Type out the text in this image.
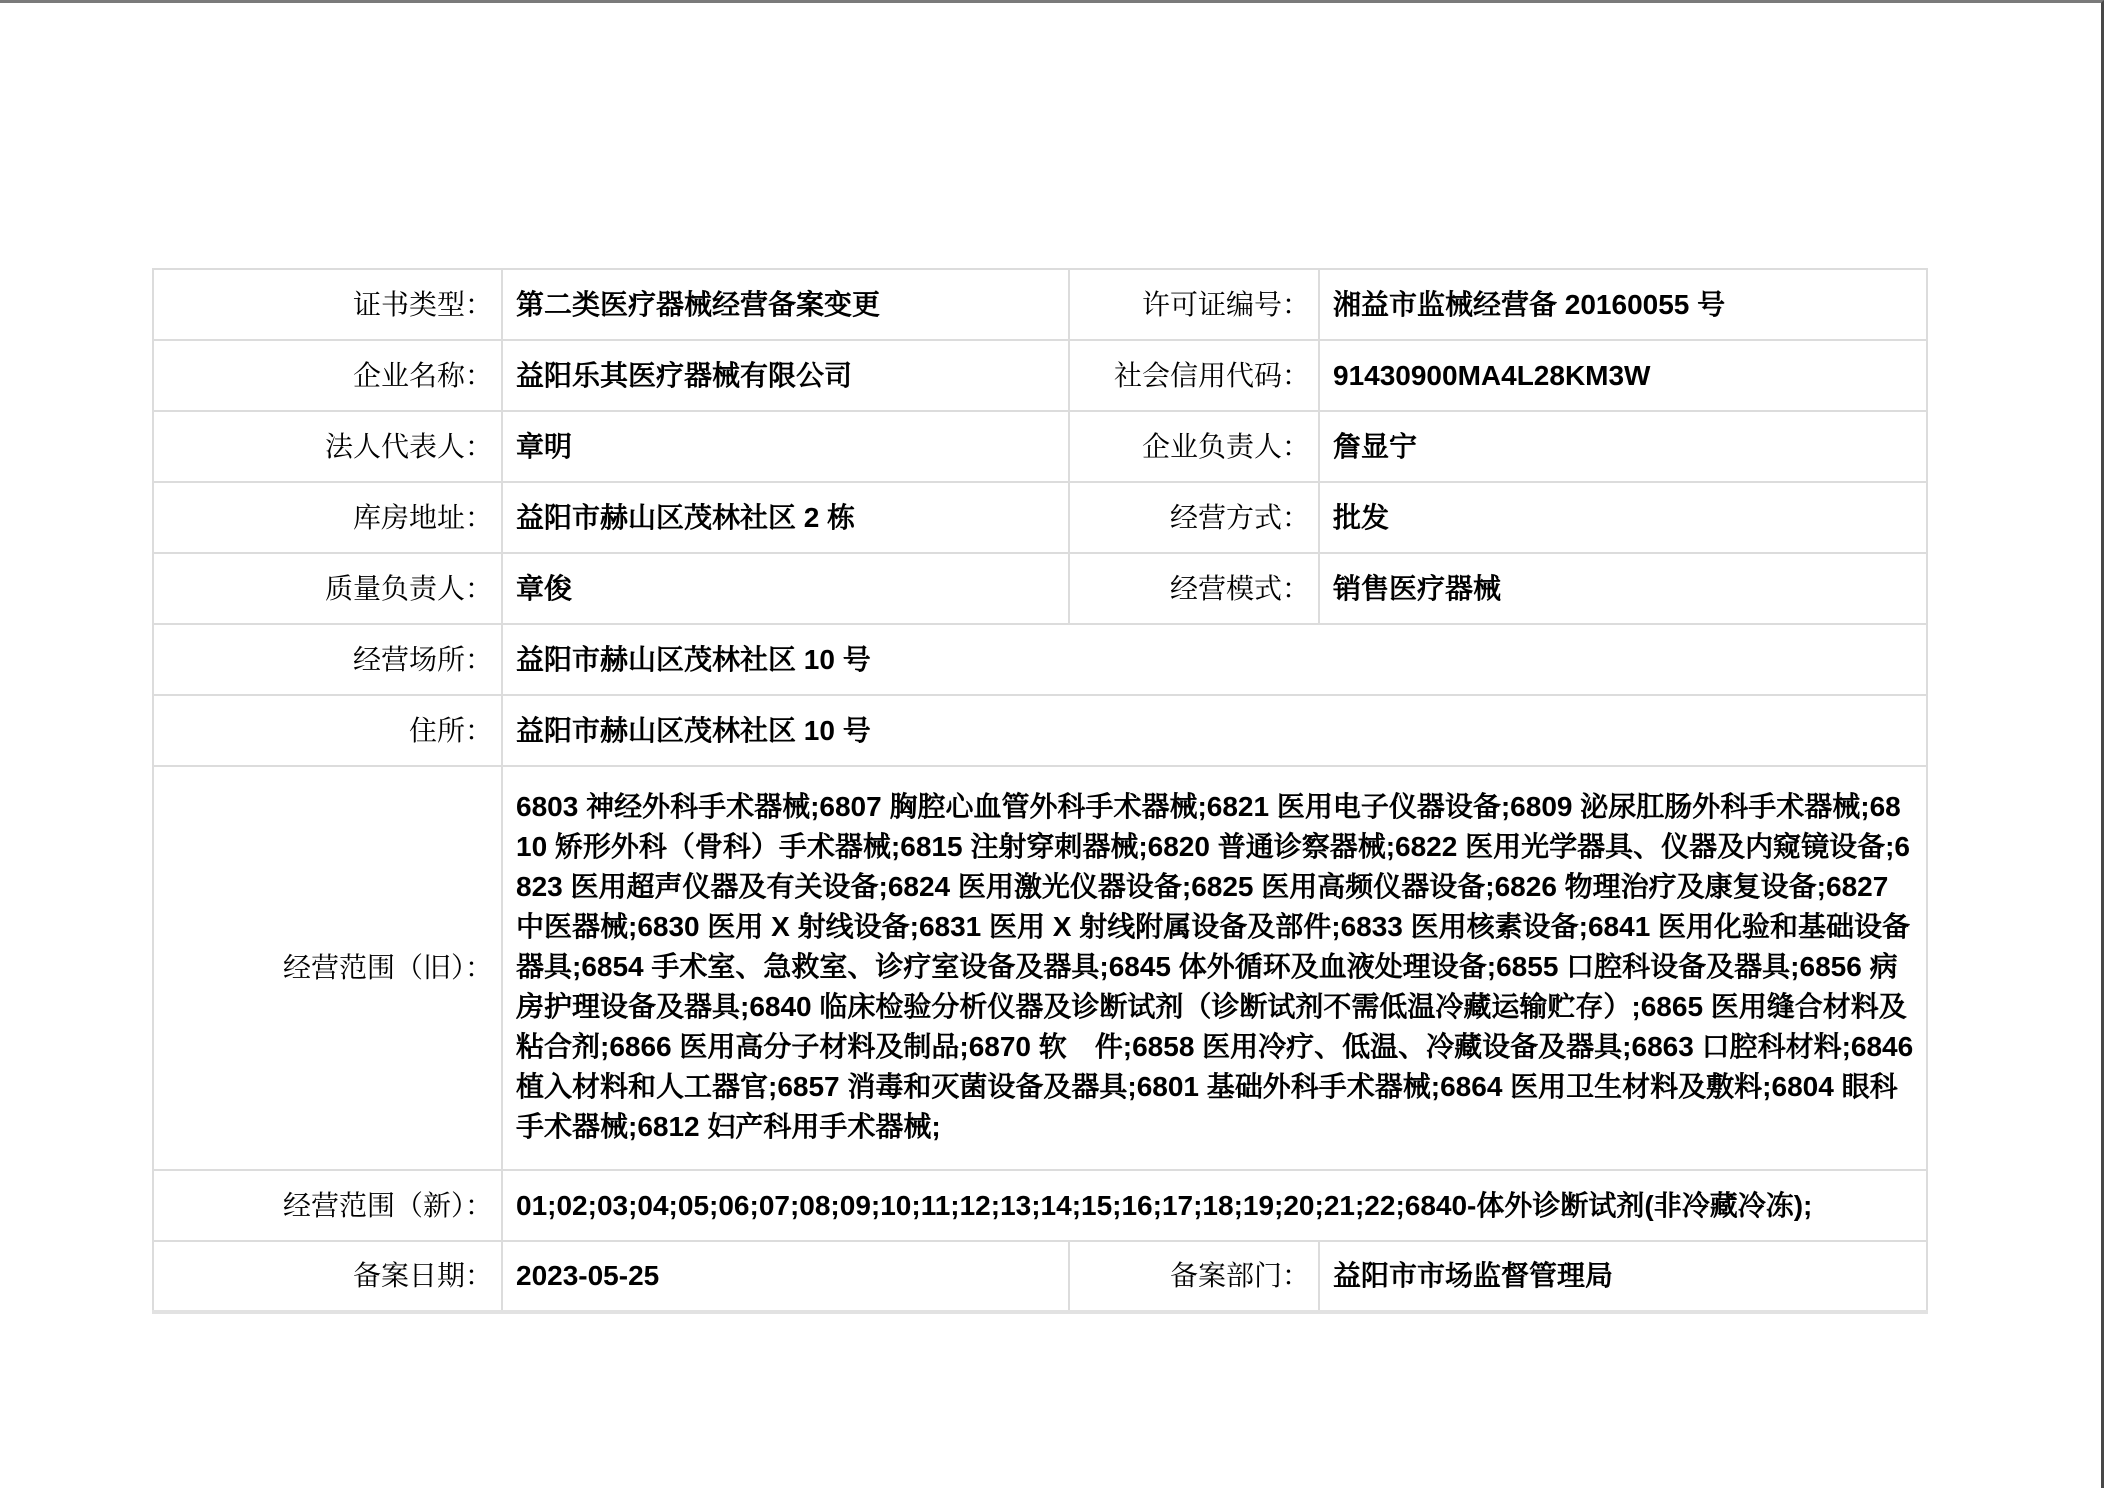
证书类型：	第二类医疗器械经营备案变更	许可证编号：	湘益市监械经营备 20160055 号
企业名称：	益阳乐其医疗器械有限公司	社会信用代码：	91430900MA4L28KM3W
法人代表人：	章明	企业负责人：	詹显宁
库房地址：	益阳市赫山区茂林社区 2 栋	经营方式：	批发
质量负责人：	章俊	经营模式：	销售医疗器械
经营场所：	益阳市赫山区茂林社区 10 号		
住所：	益阳市赫山区茂林社区 10 号		
经营范围（旧）：	6803 神经外科手术器械;6807 胸腔心血管外科手术器械;6821 医用电子仪器设备;6809 泌尿肛肠外科手术器械;6810 矫形外科（骨科）手术器械;6815 注射穿刺器械;6820 普通诊察器械;6822 医用光学器具、仪器及内窥镜设备;6823 医用超声仪器及有关设备;6824 医用激光仪器设备;6825 医用高频仪器设备;6826 物理治疗及康复设备;6827 中医器械;6830 医用 X 射线设备;6831 医用 X 射线附属设备及部件;6833 医用核素设备;6841 医用化验和基础设备器具;6854 手术室、急救室、诊疗室设备及器具;6845 体外循环及血液处理设备;6855 口腔科设备及器具;6856 病房护理设备及器具;6840 临床检验分析仪器及诊断试剂（诊断试剂不需低温冷藏运输贮存）;6865 医用缝合材料及粘合剂;6866 医用高分子材料及制品;6870 软　件;6858 医用冷疗、低温、冷藏设备及器具;6863 口腔科材料;6846 植入材料和人工器官;6857 消毒和灭菌设备及器具;6801 基础外科手术器械;6864 医用卫生材料及敷料;6804 眼科手术器械;6812 妇产科用手术器械;		
经营范围（新）：	01;02;03;04;05;06;07;08;09;10;11;12;13;14;15;16;17;18;19;20;21;22;6840-体外诊断试剂(非冷藏冷冻);		
备案日期：	2023-05-25	备案部门：	益阳市市场监督管理局
